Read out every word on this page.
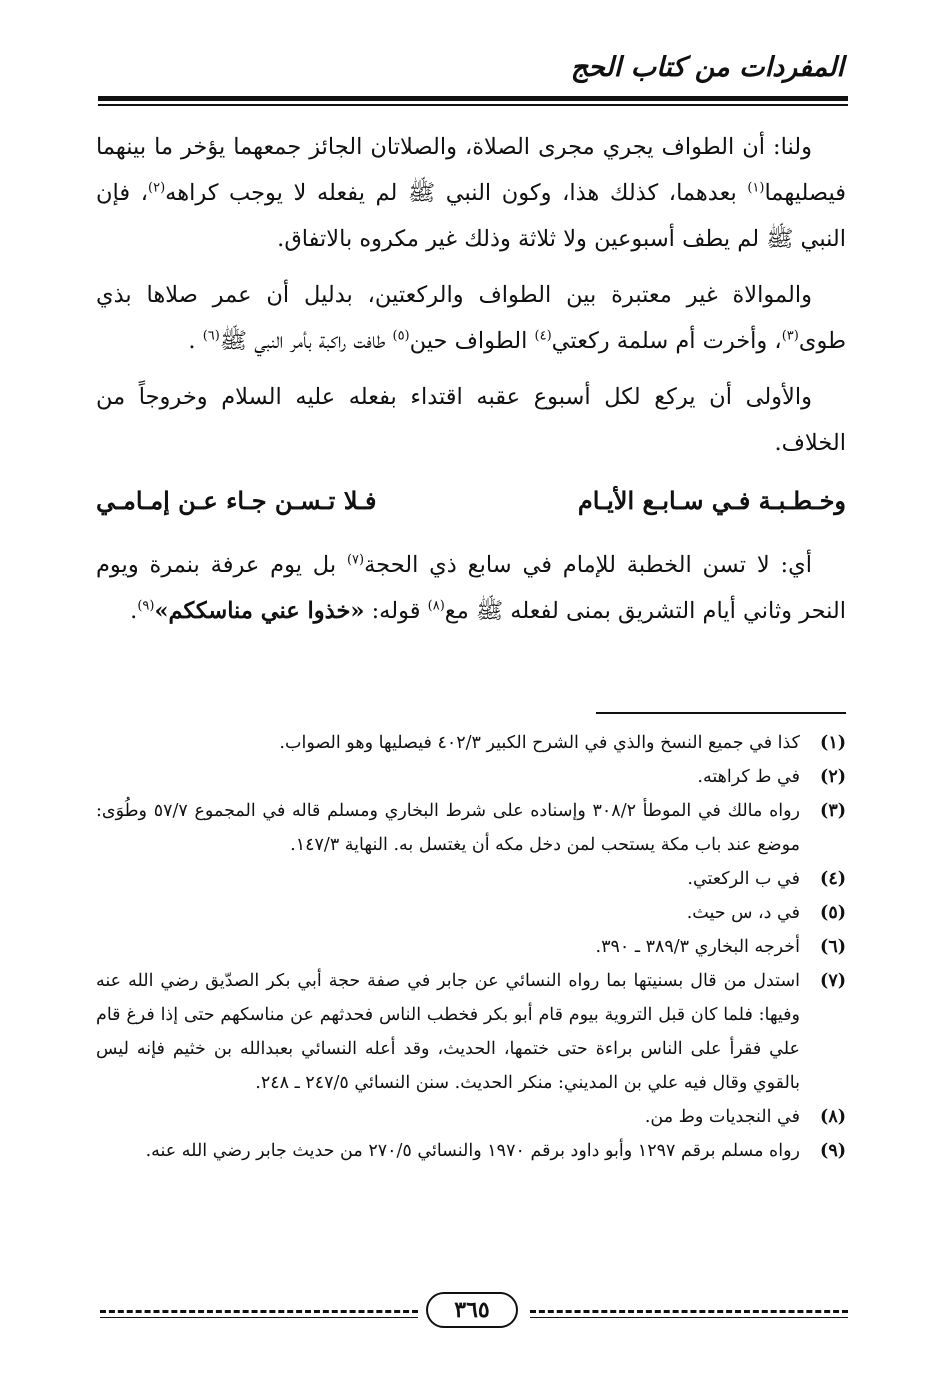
المفردات من كتاب الحج

ولنا: أن الطواف يجري مجرى الصلاة، والصلاتان الجائز جمعهما يؤخر ما بينهما فيصليهما$^{(١)}$ بعدهما، كذلك هذا، وكون النبي ﷺ لم يفعله لا يوجب كراهه$^{(٢)}$، فإن النبي ﷺ لم يطف أسبوعين ولا ثلاثة وذلك غير مكروه بالاتفاق.

والموالاة غير معتبرة بين الطواف والركعتين، بدليل أن عمر صلاها بذي طوى$^{(٣)}$، وأخرت أم سلمة ركعتي$^{(٤)}$ الطواف حين$^{(٥)}$ طافت راكبة بأمر النبي ﷺ$^{(٦)}$ .

والأولى أن يركع لكل أسبوع عقبه اقتداء بفعله عليه السلام وخروجاً من الخلاف.

وخـطـبـة فـي سـابـع الأيـام
فـلا تـسـن جـاء عـن إمـامـي

أي: لا تسن الخطبة للإمام في سابع ذي الحجة$^{(٧)}$ بل يوم عرفة بنمرة ويوم النحر وثاني أيام التشريق بمنى لفعله ﷺ مع$^{(٨)}$ قوله: «خذوا عني مناسككم»$^{(٩)}$.

(١)
كذا في جميع النسخ والذي في الشرح الكبير ٤٠٢/٣ فيصليها وهو الصواب.
(٢)
في ط كراهته.
(٣)
رواه مالك في الموطأ ٣٠٨/٢ وإسناده على شرط البخاري ومسلم قاله في المجموع ٥٧/٧ وطُوَى: موضع عند باب مكة يستحب لمن دخل مكه أن يغتسل به. النهاية ١٤٧/٣.
(٤)
في ب الركعتي.
(٥)
في د، س حيث.
(٦)
أخرجه البخاري ٣٨٩/٣ ـ ٣٩٠.
(٧)
استدل من قال بسنيتها بما رواه النسائي عن جابر في صفة حجة أبي بكر الصدّيق رضي الله عنه وفيها: فلما كان قبل التروية بيوم قام أبو بكر فخطب الناس فحدثهم عن مناسكهم حتى إذا فرغ قام علي فقرأ على الناس براءة حتى ختمها، الحديث، وقد أعله النسائي بعبدالله بن خثيم فإنه ليس بالقوي وقال فيه علي بن المديني: منكر الحديث. سنن النسائي ٢٤٧/٥ ـ ٢٤٨.
(٨)
في النجديات وط من.
(٩)
رواه مسلم برقم ١٢٩٧ وأبو داود برقم ١٩٧٠ والنسائي ٢٧٠/٥ من حديث جابر رضي الله عنه.
٣٦٥
